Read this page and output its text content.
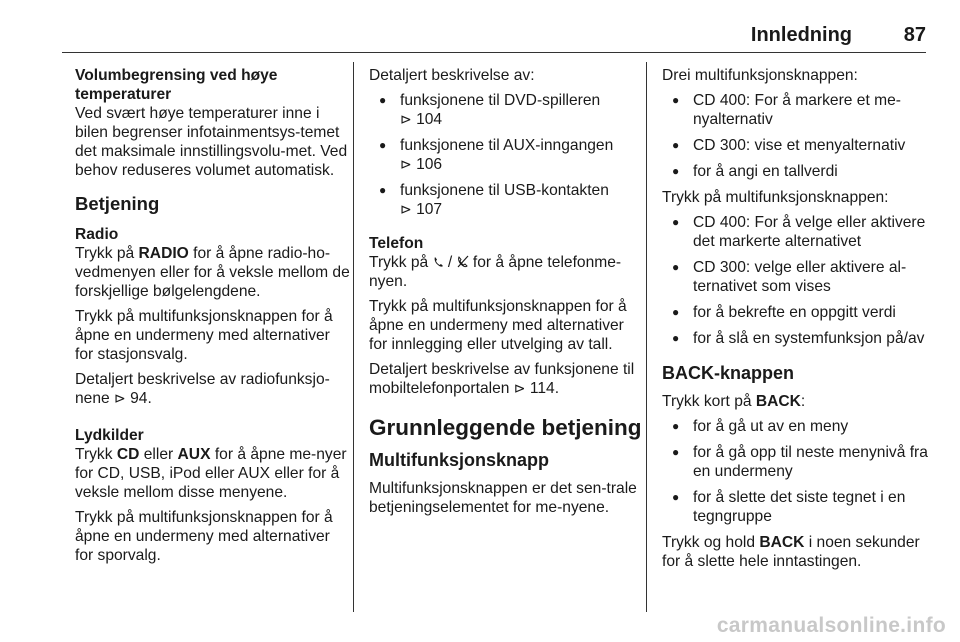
Innledning	87

Volumbegrensing ved høye temperaturer

Ved svært høye temperaturer inne i bilen begrenser infotainmentsys-temet det maksimale innstillingsvolu-met. Ved behov reduseres volumet automatisk.

Betjening

Radio

Trykk på RADIO for å åpne radio-ho-vedmenyen eller for å veksle mellom de forskjellige bølgelengdene.

Trykk på multifunksjonsknappen for å åpne en undermeny med alternativer for stasjonsvalg.

Detaljert beskrivelse av radiofunksjo-nene ⊳ 94.

Lydkilder

Trykk CD eller AUX for å åpne me-nyer for CD, USB, iPod eller AUX eller for å veksle mellom disse menyene.

Trykk på multifunksjonsknappen for å åpne en undermeny med alternativer for sporvalg.

Detaljert beskrivelse av:

● funksjonene til DVD-spilleren
⊳ 104
● funksjonene til AUX-inngangen
⊳ 106
● funksjonene til USB-kontakten
⊳ 107

Telefon

Trykk på  /  for å åpne telefonme-nyen.

Trykk på multifunksjonsknappen for å åpne en undermeny med alternativer for innlegging eller utvelging av tall.

Detaljert beskrivelse av funksjonene til mobiltelefonportalen ⊳ 114.

Grunnleggende betjening
Multifunksjonsknapp

Multifunksjonsknappen er det sen-trale betjeningselementet for me-nyene.

Drei multifunksjonsknappen:

● CD 400: For å markere et me-nyalternativ
● CD 300: vise et menyalternativ
● for å angi en tallverdi

Trykk på multifunksjonsknappen:

● CD 400: For å velge eller aktivere det markerte alternativet
● CD 300: velge eller aktivere al-ternativet som vises
● for å bekrefte en oppgitt verdi
● for å slå en systemfunksjon på/av
BACK-knappen

Trykk kort på BACK:

● for å gå ut av en meny
● for å gå opp til neste menynivå fra en undermeny
● for å slette det siste tegnet i en tegngruppe

Trykk og hold BACK i noen sekunder for å slette hele inntastingen.

carmanualsonline.info
